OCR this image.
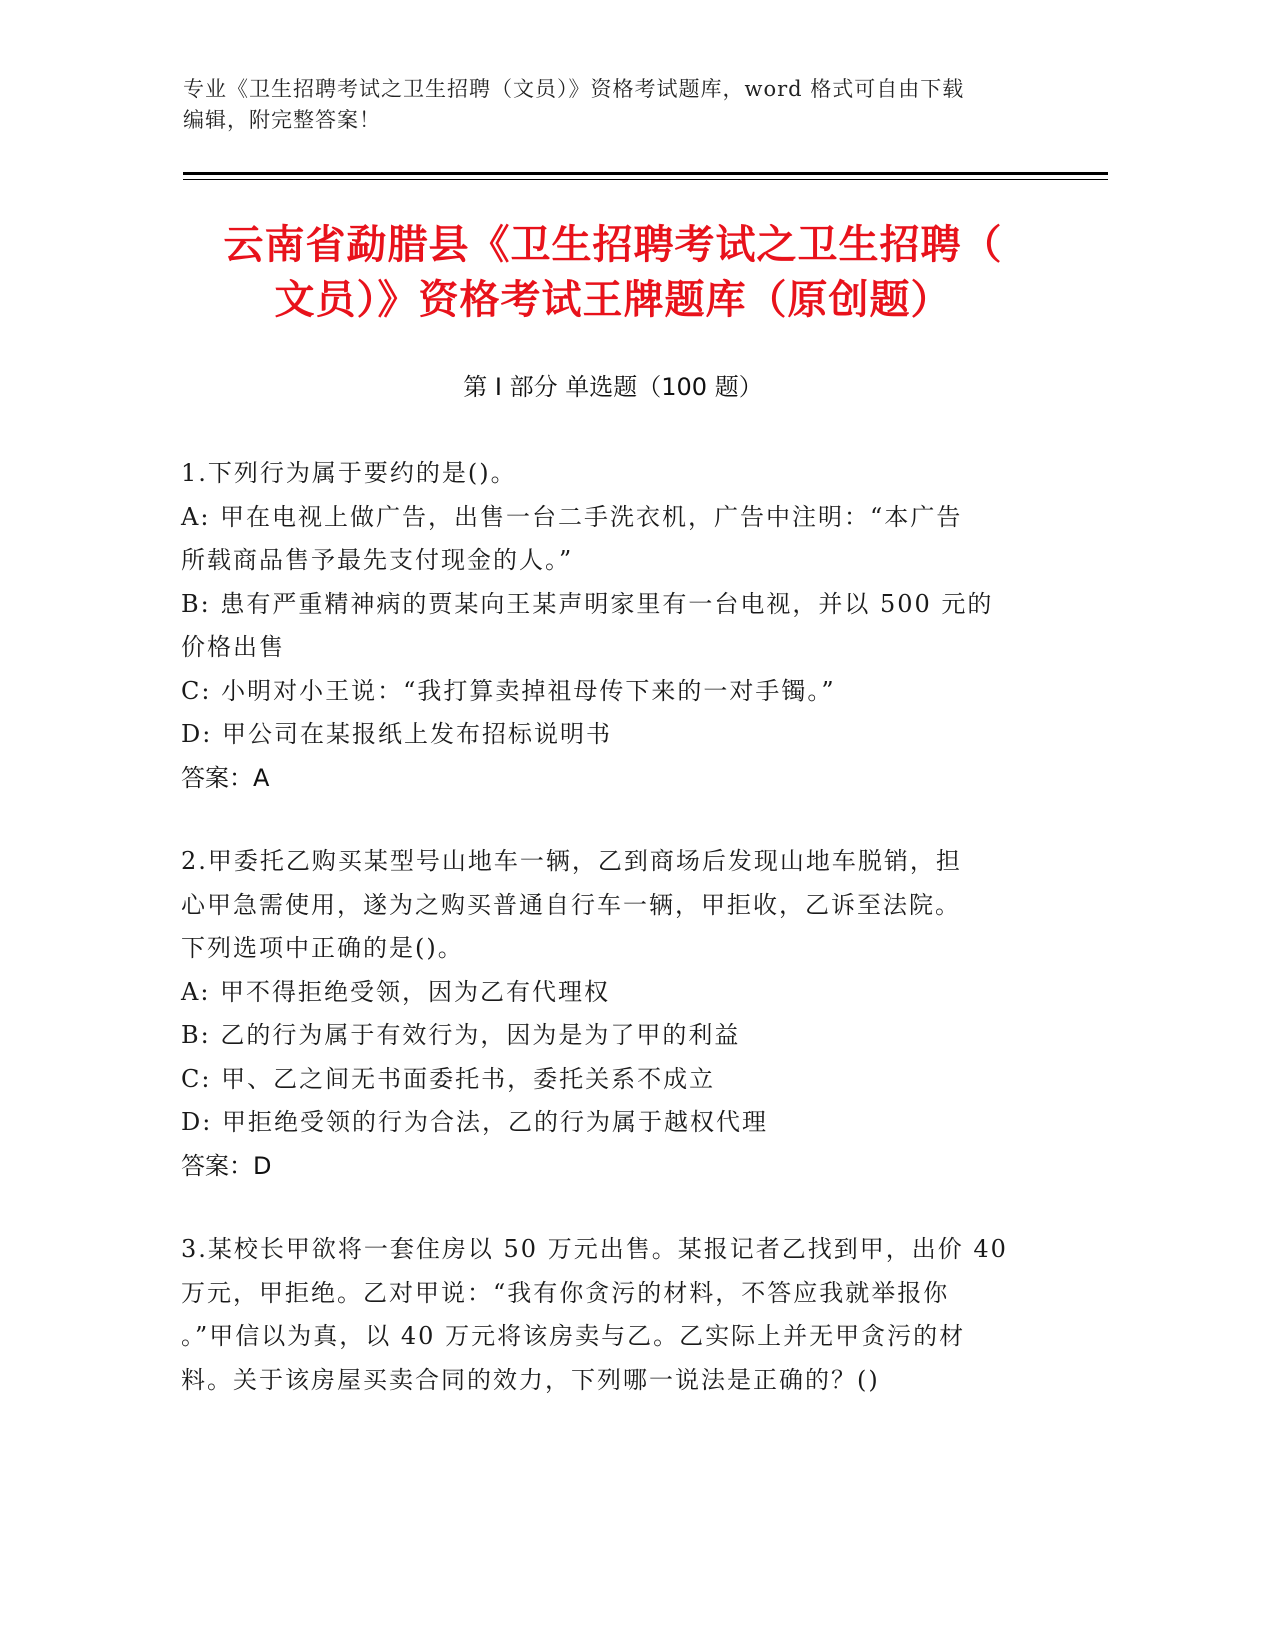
专业《卫生招聘考试之卫生招聘（文员）》资格考试题库，word 格式可自由下载
编辑，附完整答案！
云南省勐腊县《卫生招聘考试之卫生招聘（
文员）》资格考试王牌题库（原创题）
第 I 部分 单选题（100 题）

1.下列行为属于要约的是()。

A: 甲在电视上做广告，出售一台二手洗衣机，广告中注明：“本广告

所载商品售予最先支付现金的人。”

B: 患有严重精神病的贾某向王某声明家里有一台电视，并以 500 元的

价格出售

C: 小明对小王说：“我打算卖掉祖母传下来的一对手镯。”

D: 甲公司在某报纸上发布招标说明书

答案：A

2.甲委托乙购买某型号山地车一辆，乙到商场后发现山地车脱销，担

心甲急需使用，遂为之购买普通自行车一辆，甲拒收，乙诉至法院。

下列选项中正确的是()。

A: 甲不得拒绝受领，因为乙有代理权

B: 乙的行为属于有效行为，因为是为了甲的利益

C: 甲、乙之间无书面委托书，委托关系不成立

D: 甲拒绝受领的行为合法，乙的行为属于越权代理

答案：D

3.某校长甲欲将一套住房以 50 万元出售。某报记者乙找到甲，出价 40

万元，甲拒绝。乙对甲说：“我有你贪污的材料，不答应我就举报你

。”甲信以为真，以 40 万元将该房卖与乙。乙实际上并无甲贪污的材

料。关于该房屋买卖合同的效力，下列哪一说法是正确的？()
